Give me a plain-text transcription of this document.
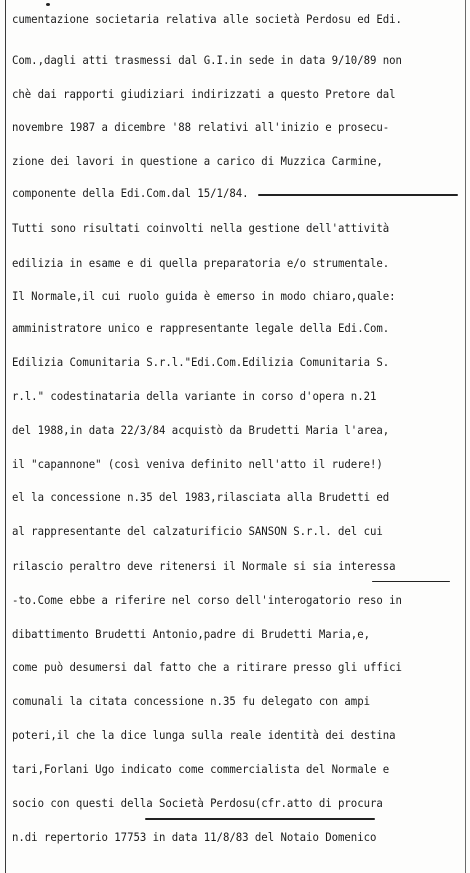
cumentazione societaria relativa alle società Perdosu ed Edi.
Com.,dagli atti trasmessi dal G.I.in sede in data 9/10/89 non
chè dai rapporti giudiziari indirizzati a questo Pretore dal
novembre 1987 a dicembre '88 relativi all'inizio e prosecu-
zione dei lavori in questione a carico di Muzzica Carmine,
componente della Edi.Com.dal 15/1/84.
Tutti sono risultati coinvolti nella gestione dell'attività
edilizia in esame e di quella preparatoria e/o strumentale.
Il Normale,il cui ruolo guida è emerso in modo chiaro,quale:
amministratore unico e rappresentante legale della Edi.Com.
Edilizia Comunitaria S.r.l."Edi.Com.Edilizia Comunitaria S.
r.l." codestinataria della variante in corso d'opera n.21
del 1988,in data 22/3/84 acquistò da Brudetti Maria l'area,
il "capannone" (così veniva definito nell'atto il rudere!)
el la concessione n.35 del 1983,rilasciata alla Brudetti ed
al rappresentante del calzaturificio SANSON S.r.l. del cui
rilascio peraltro deve ritenersi il Normale si sia interessa
-to.Come ebbe a riferire nel corso dell'interogatorio reso in
dibattimento Brudetti Antonio,padre di Brudetti Maria,e,
come può desumersi dal fatto che a ritirare presso gli uffici
comunali la citata concessione n.35 fu delegato con ampi
poteri,il che la dice lunga sulla reale identità dei destina
tari,Forlani Ugo indicato come commercialista del Normale e
socio con questi della Società Perdosu(cfr.atto di procura
n.di repertorio 17753 in data 11/8/83 del Notaio Domenico
